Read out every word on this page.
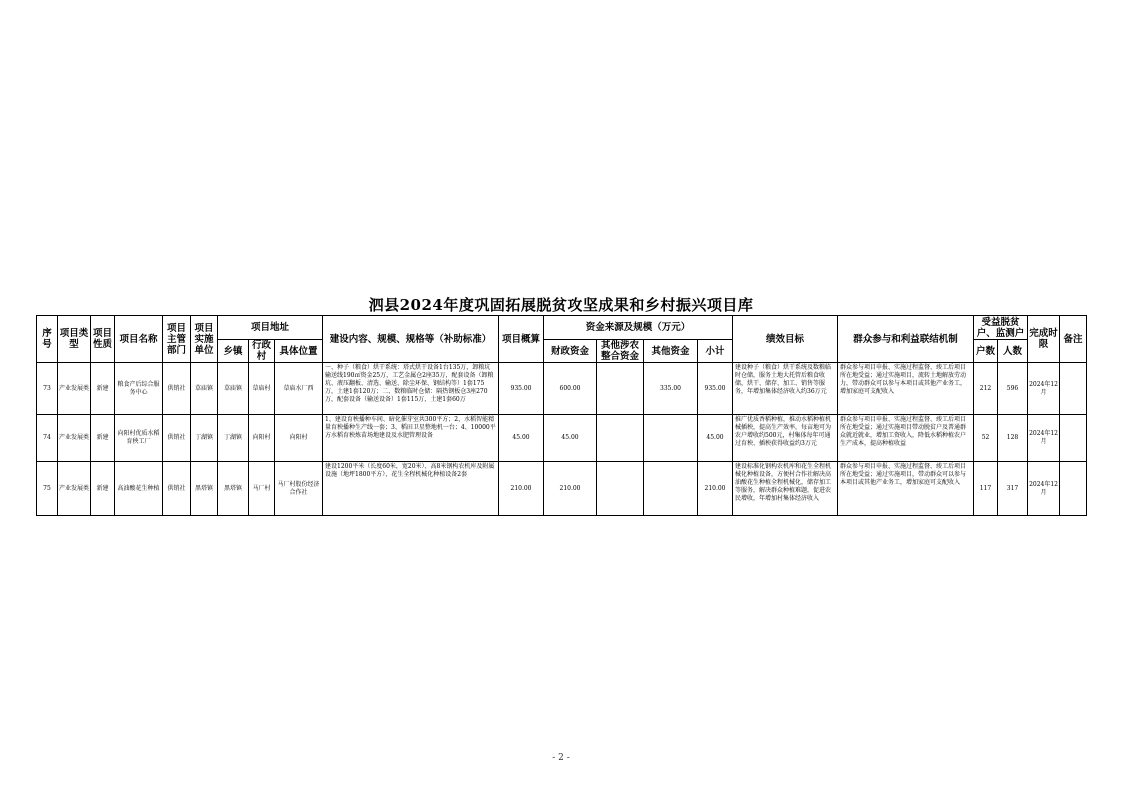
泗县2024年度巩固拓展脱贫攻坚成果和乡村振兴项目库
序号	项目类型	项目性质	项目名称	项目主管部门	项目实施单位	项目地址			建设内容、规模、规格等（补助标准）	项目概算	资金来源及规模（万元）				绩效目标	群众参与和利益联结机制	受益脱贫户、监测户		完成时限	备注
						乡镇	行政村	具体位置			财政资金	其他涉农整合资金	其他资金	小计			户数	人数		
73	产业发展类	新建	粮食产后综合服务中心	供销社	草庙镇	草庙镇	草庙村	草庙水厂西	一、种子（粮食）烘干系统：塔式烘干设备1台135万，卸粮坑输送线190㎡资金25万，工艺金属仓2座35万，配套设备（卸粮坑、液压翻板、清选、输送、除尘环保、钢结构等）1套175万，土建1套120万；二、数粮临时仓储：隔热钢板仓3座270万，配套设备（输送设备）1套115万，土建1套60万	935.00	600.00		335.00	935.00	建设种子（粮食）烘干系统及数粮临时仓储，服务土地大托管后粮食收储，烘干、储存、加工、销售等服务，年增加集体经济收入约36万元	群众参与项目申报、实施过程监督、竣工后项目所在地受益；通过实施项目，流转土地解放劳动力，带动群众可以参与本项目或其他产业务工，增加家庭可支配收入	212	596	2024年12月	
74	产业发展类	新建	向阳村优质水稻育秧工厂	供销社	丁湖镇	丁湖镇	向阳村	向阳村	1、建设育秧播种车间、暗化催芽室共300平方；2、水稻智能精量育秧播种生产线一套；3、稻田卫星整地机一台；4、10000平方水稻育秧炼苗场地建设及水肥管理设备	45.00	45.00			45.00	推广优质香稻种植，推动水稻种植机械插秧，提高生产效率，每亩地可为农户增收约500元，村集体每年可通过育秧、插秧获得收益约3万元	群众参与项目申报、实施过程监督、竣工后项目所在地受益；通过实施项目带动脱贫户及普通群众就近就业，增加工资收入，降低水稻种植农户生产成本，提高种植收益	52	128	2024年12月	
75	产业发展类	新建	高油酸花生种植	供销社	黑塔镇	黑塔镇	马厂村	马厂村股份经济合作社	建设1200平米（长度60米，宽20米）、高8米钢构农机库及附属设施（地坪1800平方），花生全程机械化种植设备2套	210.00	210.00			210.00	建设标准化钢构农机库和花生全程机械化种植设备，方便村合作社解决高油酸花生种植全程机械化，储存加工等服务，解决群众种植难题，促进农民增收，年增加村集体经济收入	群众参与项目申报、实施过程监督、竣工后项目所在地受益；通过实施项目，带动群众可以参与本项目或其他产业务工，增加家庭可支配收入	117	317	2024年12月	
- 2 -
